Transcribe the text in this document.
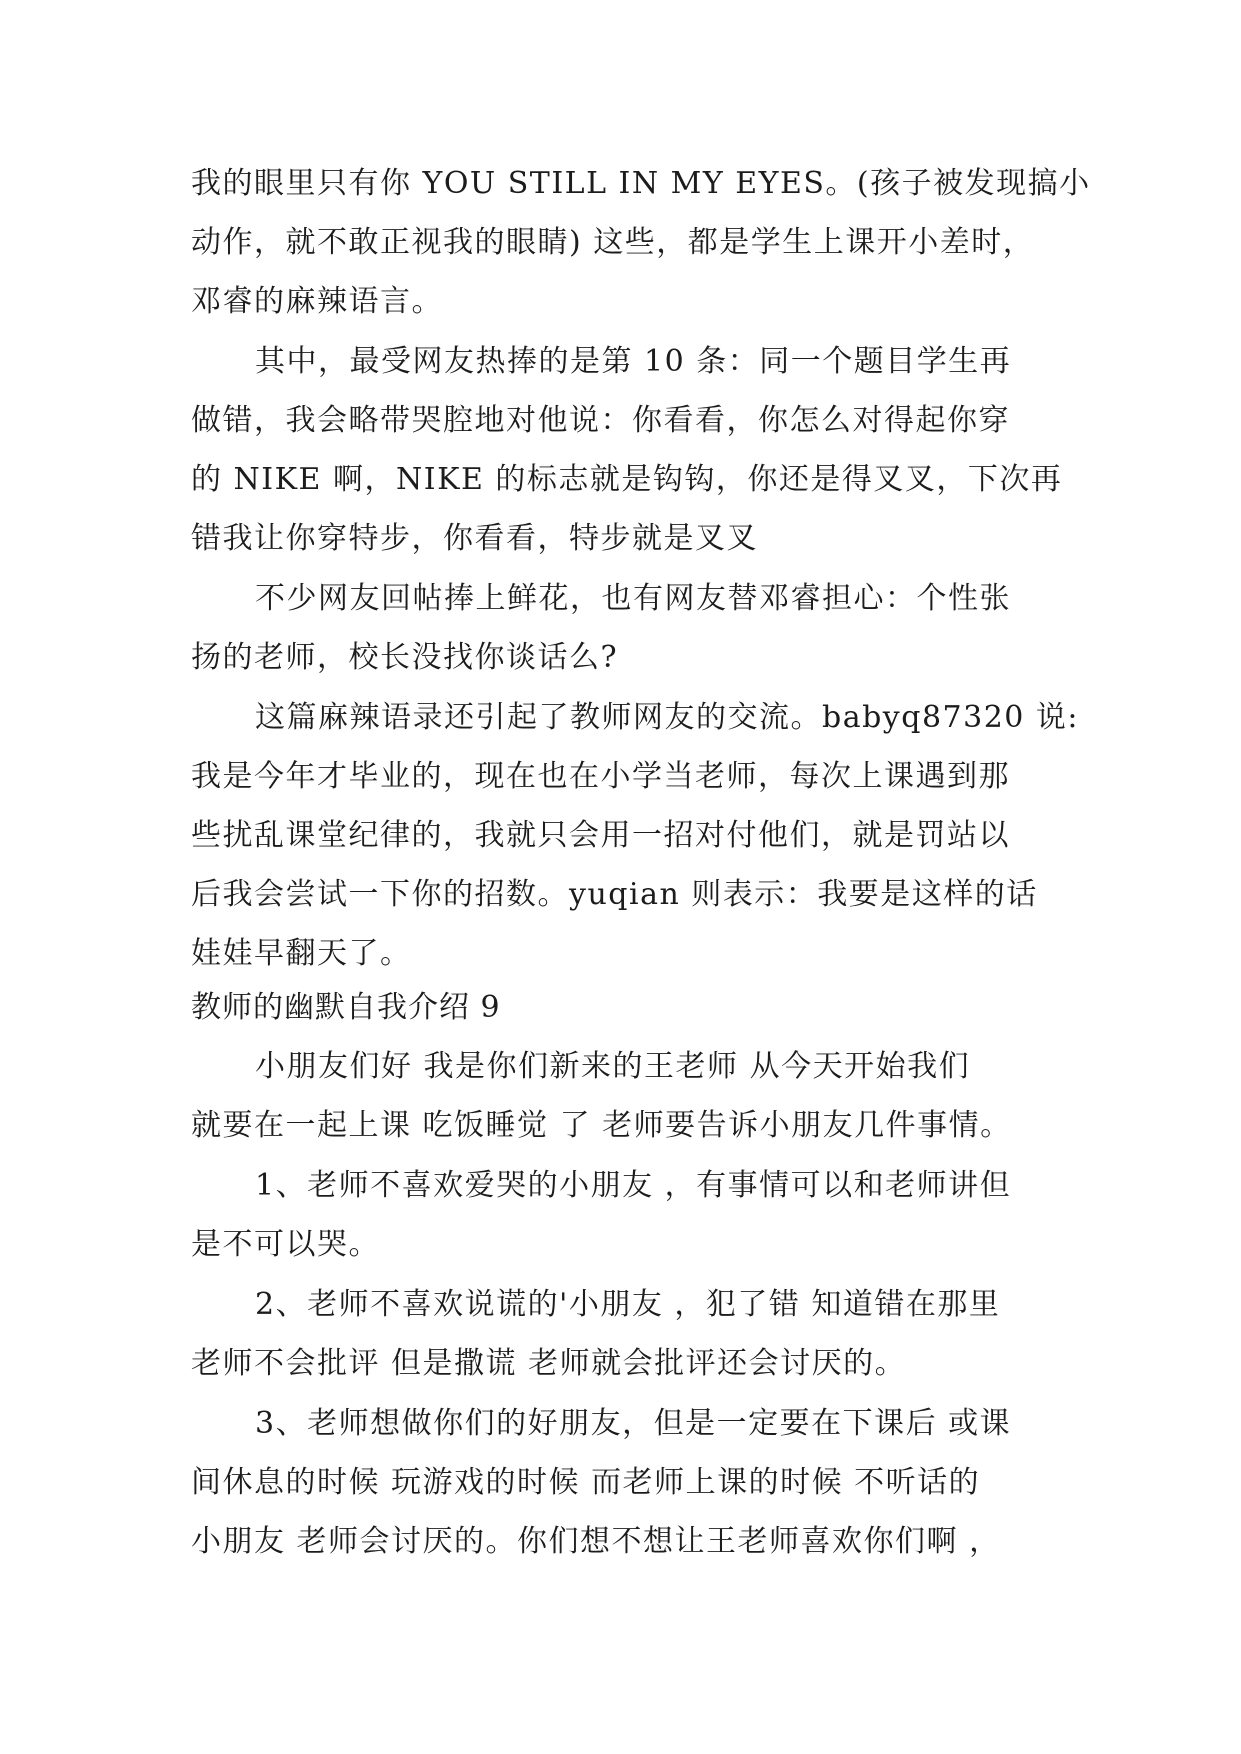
我的眼里只有你 YOU STILL IN MY EYES。(孩子被发现搞小
动作，就不敢正视我的眼睛) 这些，都是学生上课开小差时，
邓睿的麻辣语言。
其中，最受网友热捧的是第 10 条：同一个题目学生再
做错，我会略带哭腔地对他说：你看看，你怎么对得起你穿
的 NIKE 啊，NIKE 的标志就是钩钩，你还是得叉叉，下次再
错我让你穿特步，你看看，特步就是叉叉
不少网友回帖捧上鲜花，也有网友替邓睿担心：个性张
扬的老师，校长没找你谈话么?
这篇麻辣语录还引起了教师网友的交流。babyq87320 说:
我是今年才毕业的，现在也在小学当老师，每次上课遇到那
些扰乱课堂纪律的，我就只会用一招对付他们，就是罚站以
后我会尝试一下你的招数。yuqian 则表示：我要是这样的话
娃娃早翻天了。
教师的幽默自我介绍 9
小朋友们好 我是你们新来的王老师 从今天开始我们
就要在一起上课 吃饭睡觉 了 老师要告诉小朋友几件事情。
1、老师不喜欢爱哭的小朋友 ，有事情可以和老师讲但
是不可以哭。
2、老师不喜欢说谎的'小朋友 ，犯了错 知道错在那里
老师不会批评 但是撒谎 老师就会批评还会讨厌的。
3、老师想做你们的好朋友，但是一定要在下课后 或课
间休息的时候 玩游戏的时候 而老师上课的时候 不听话的
小朋友 老师会讨厌的。你们想不想让王老师喜欢你们啊 ，
